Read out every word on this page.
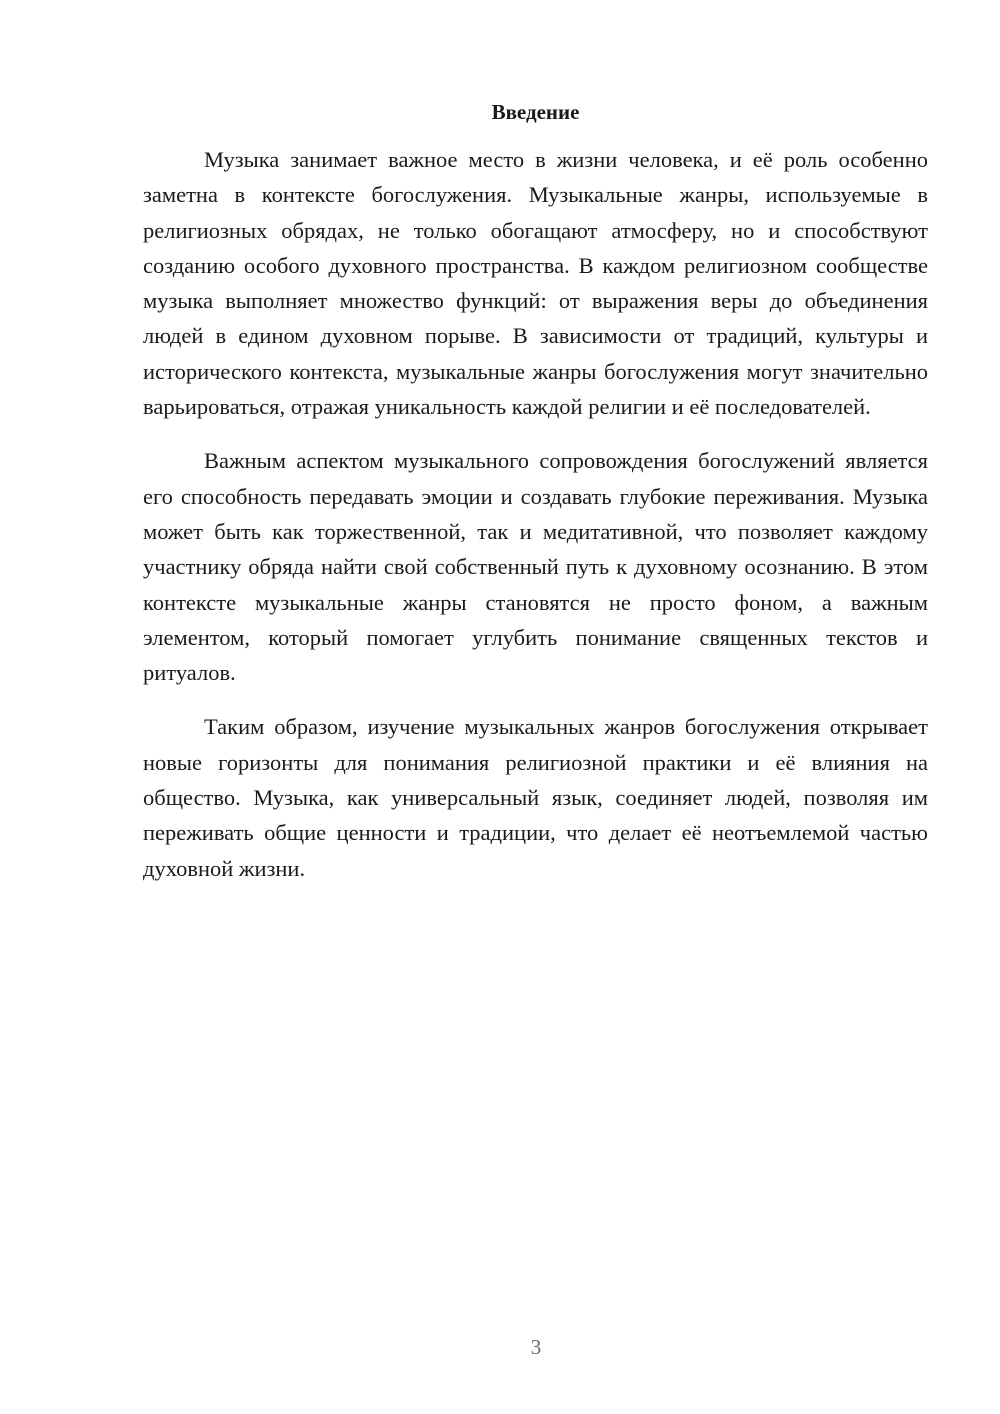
Введение

Музыка занимает важное место в жизни человека, и её роль особенно заметна в контексте богослужения. Музыкальные жанры, используемые в религиозных обрядах, не только обогащают атмосферу, но и способствуют созданию особого духовного пространства. В каждом религиозном сообществе музыка выполняет множество функций: от выражения веры до объединения людей в едином духовном порыве. В зависимости от традиций, культуры и исторического контекста, музыкальные жанры богослужения могут значительно варьироваться, отражая уникальность каждой религии и её последователей.

Важным аспектом музыкального сопровождения богослужений является его способность передавать эмоции и создавать глубокие переживания. Музыка может быть как торжественной, так и медитативной, что позволяет каждому участнику обряда найти свой собственный путь к духовному осознанию. В этом контексте музыкальные жанры становятся не просто фоном, а важным элементом, который помогает углубить понимание священных текстов и ритуалов.

Таким образом, изучение музыкальных жанров богослужения открывает новые горизонты для понимания религиозной практики и её влияния на общество. Музыка, как универсальный язык, соединяет людей, позволяя им переживать общие ценности и традиции, что делает её неотъемлемой частью духовной жизни.

3
